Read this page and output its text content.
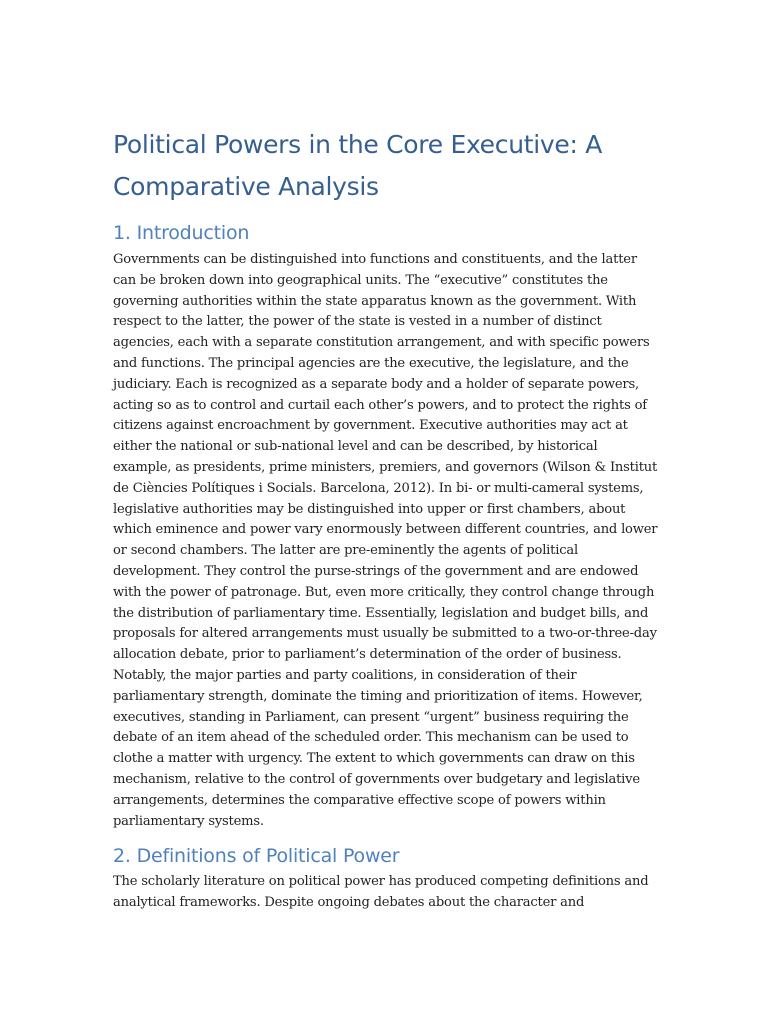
Political Powers in the Core Executive: A Comparative Analysis
1. Introduction

Governments can be distinguished into functions and constituents, and the latter can be broken down into geographical units. The “executive” constitutes the governing authorities within the state apparatus known as the government. With respect to the latter, the power of the state is vested in a number of distinct agencies, each with a separate constitution arrangement, and with specific powers and functions. The principal agencies are the executive, the legislature, and the judiciary. Each is recognized as a separate body and a holder of separate powers, acting so as to control and curtail each other’s powers, and to protect the rights of citizens against encroachment by government. Executive authorities may act at either the national or sub-national level and can be described, by historical example, as presidents, prime ministers, premiers, and governors (Wilson & Institut de Ciències Polítiques i Socials. Barcelona, 2012). In bi- or multi-cameral systems, legislative authorities may be distinguished into upper or first chambers, about which eminence and power vary enormously between different countries, and lower or second chambers. The latter are pre-eminently the agents of political development. They control the purse-strings of the government and are endowed with the power of patronage. But, even more critically, they control change through the distribution of parliamentary time. Essentially, legislation and budget bills, and proposals for altered arrangements must usually be submitted to a two-or-three-day allocation debate, prior to parliament’s determination of the order of business. Notably, the major parties and party coalitions, in consideration of their parliamentary strength, dominate the timing and prioritization of items. However, executives, standing in Parliament, can present “urgent” business requiring the debate of an item ahead of the scheduled order. This mechanism can be used to clothe a matter with urgency. The extent to which governments can draw on this mechanism, relative to the control of governments over budgetary and legislative arrangements, determines the comparative effective scope of powers within parliamentary systems.

2. Definitions of Political Power

The scholarly literature on political power has produced competing definitions and analytical frameworks. Despite ongoing debates about the character and
